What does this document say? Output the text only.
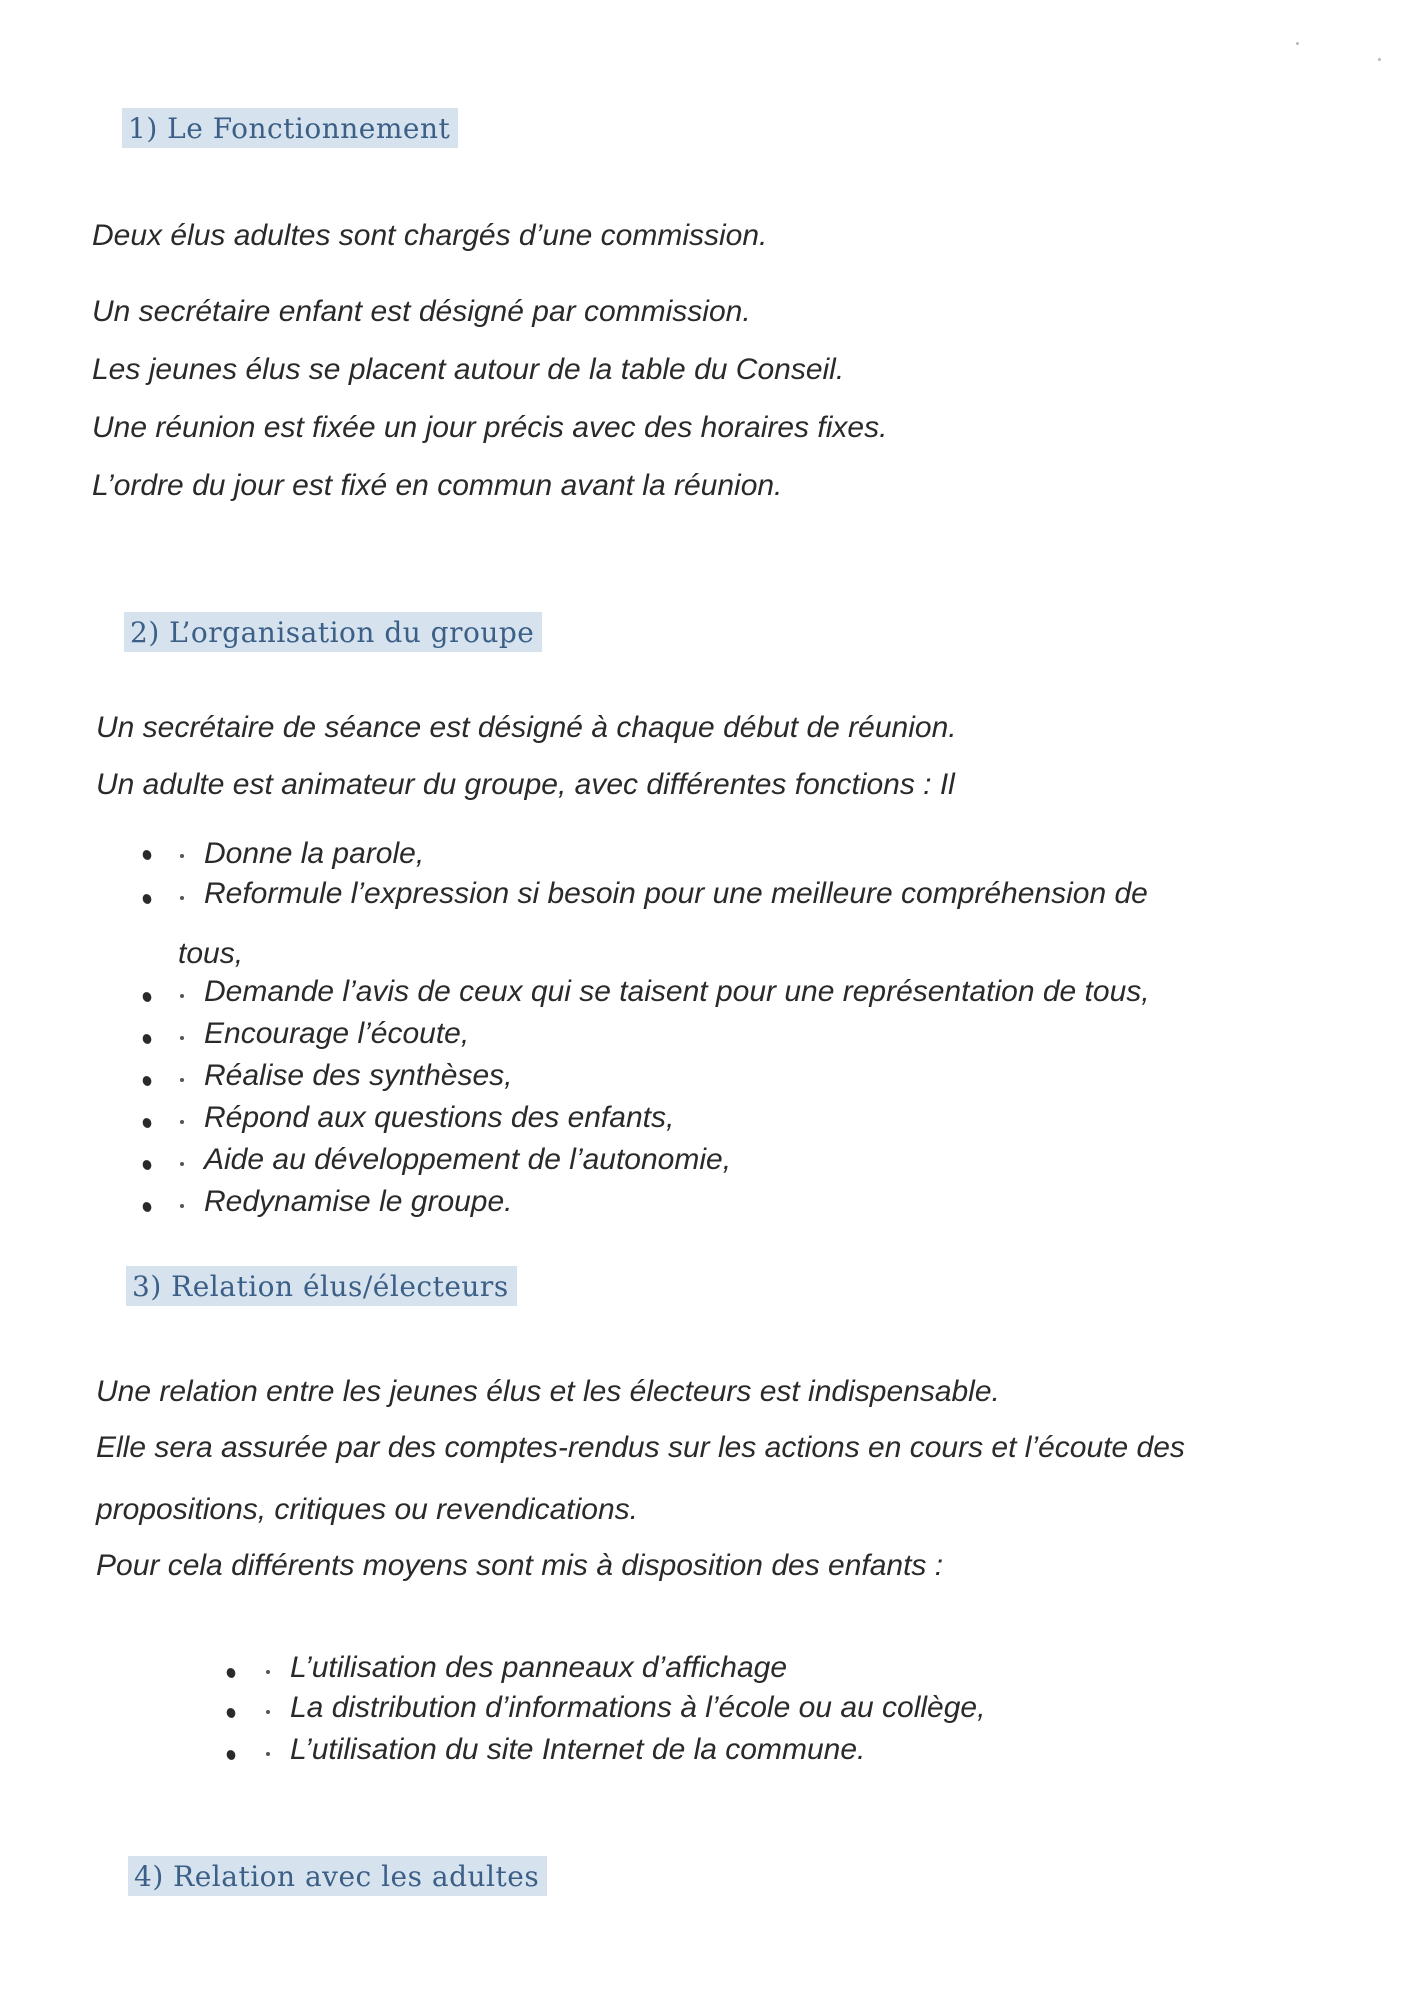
1) Le Fonctionnement
Deux élus adultes sont chargés d’une commission.
Un secrétaire enfant est désigné par commission.
Les jeunes élus se placent autour de la table du Conseil.
Une réunion est fixée un jour précis avec des horaires fixes.
L’ordre du jour est fixé en commun avant la réunion.
2) L’organisation du groupe
Un secrétaire de séance est désigné à chaque début de réunion.
Un adulte est animateur du groupe, avec différentes fonctions : Il
Donne la parole,
Reformule l’expression si besoin pour une meilleure compréhension de
tous,
Demande l’avis de ceux qui se taisent pour une représentation de tous,
Encourage l’écoute,
Réalise des synthèses,
Répond aux questions des enfants,
Aide au développement de l’autonomie,
Redynamise le groupe.
3) Relation élus/électeurs
Une relation entre les jeunes élus et les électeurs est indispensable.
Elle sera assurée par des comptes-rendus sur les actions en cours et l’écoute des
propositions, critiques ou revendications.
Pour cela différents moyens sont mis à disposition des enfants :
L’utilisation des panneaux d’affichage
La distribution d’informations à l’école ou au collège,
L’utilisation du site Internet de la commune.
4) Relation avec les adultes
